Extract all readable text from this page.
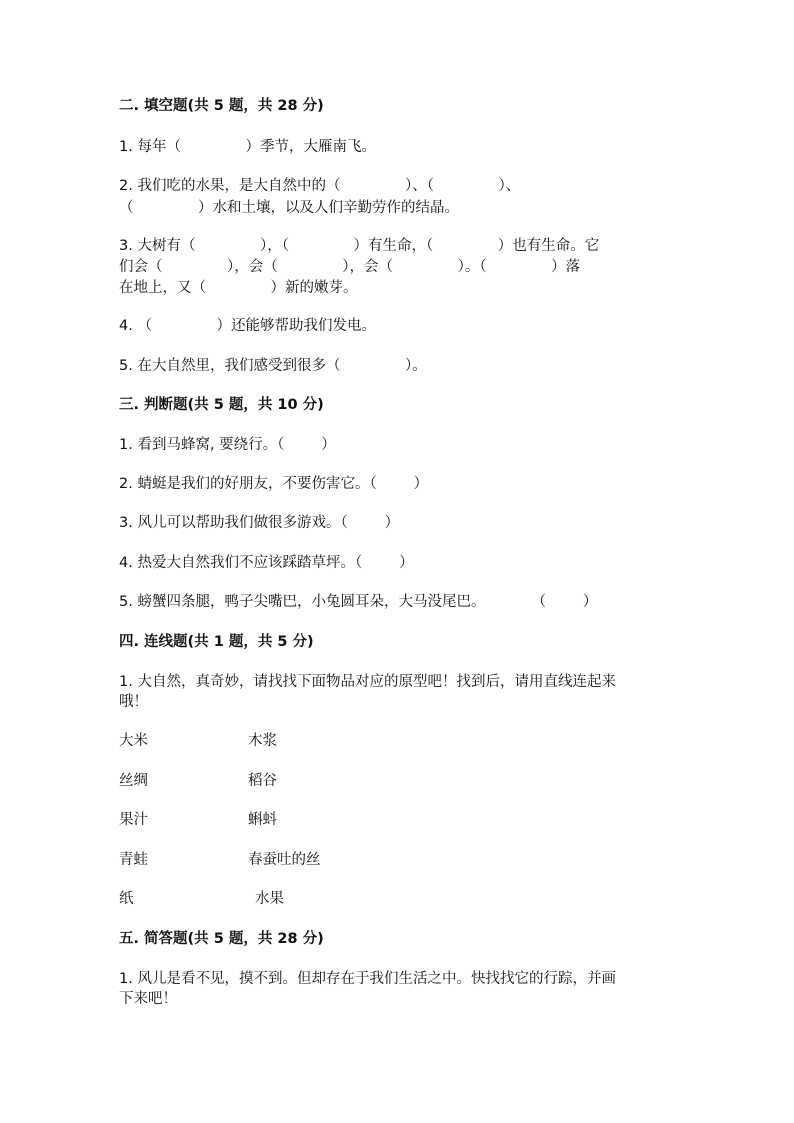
二. 填空题(共 5 题，共 28 分)
1. 每年（              ）季节，大雁南飞。
2. 我们吃的水果，是大自然中的（              ）、（              ）、
（              ）水和土壤，以及人们辛勤劳作的结晶。
3. 大树有（              ），（              ）有生命，（              ）也有生命。它
们会（              ），会（              ），会（              ）。（              ）落
在地上，又（              ）新的嫩芽。
4. （              ）还能够帮助我们发电。
5. 在大自然里，我们感受到很多（              ）。
三. 判断题(共 5 题，共 10 分)
1. 看到马蜂窝, 要绕行。（        ）
2. 蜻蜓是我们的好朋友，不要伤害它。（        ）
3. 风儿可以帮助我们做很多游戏。（        ）
4. 热爱大自然我们不应该踩踏草坪。（        ）
5. 螃蟹四条腿，鸭子尖嘴巴，小兔圆耳朵，大马没尾巴。          （        ）
四. 连线题(共 1 题，共 5 分)
1. 大自然，真奇妙，请找找下面物品对应的原型吧！找到后，请用直线连起来
哦！
大米	木浆
丝绸	稻谷
果汁	蝌蚪
青蛙	春蚕吐的丝
纸	水果
五. 简答题(共 5 题，共 28 分)
1. 风儿是看不见，摸不到。但却存在于我们生活之中。快找找它的行踪，并画
下来吧！
